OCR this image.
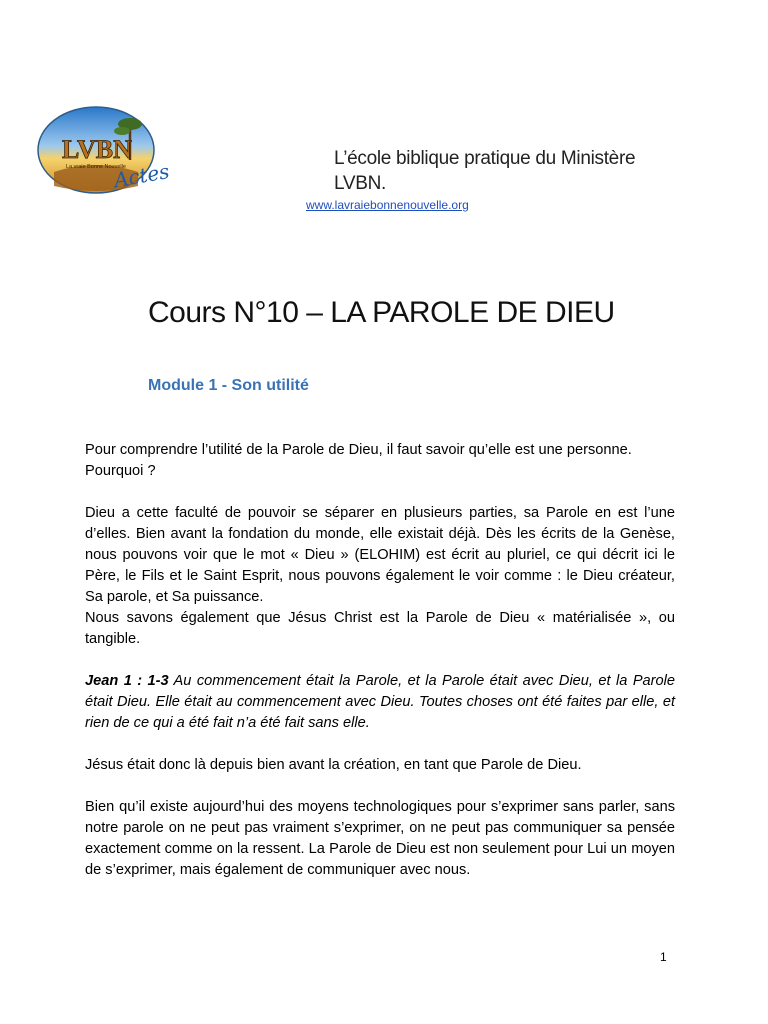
LVBN
La vraie Bonne Nouvelle
Actes
L’école biblique pratique du Ministère
LVBN.
www.lavraiebonnenouvelle.org
Cours N°10 – LA PAROLE DE DIEU
Module 1 - Son utilité

Pour comprendre l’utilité de la Parole de Dieu, il faut savoir qu’elle est une personne.

Pourquoi ?

Dieu a cette faculté de pouvoir se séparer en plusieurs parties, sa Parole en est l’une d’elles. Bien avant la fondation du monde, elle existait déjà. Dès les écrits de la Genèse, nous pouvons voir que le mot « Dieu » (ELOHIM) est écrit au pluriel, ce qui décrit ici le Père, le Fils et le Saint Esprit, nous pouvons également le voir comme : le Dieu créateur, Sa parole, et Sa puissance.

Nous savons également que Jésus Christ est la Parole de Dieu « matérialisée », ou tangible.

Jean 1 : 1-3 Au commencement était la Parole, et la Parole était avec Dieu, et la Parole était Dieu. Elle était au commencement avec Dieu. Toutes choses ont été faites par elle, et rien de ce qui a été fait n’a été fait sans elle.

Jésus était donc là depuis bien avant la création, en tant que Parole de Dieu.

Bien qu’il existe aujourd’hui des moyens technologiques pour s’exprimer sans parler, sans notre parole on ne peut pas vraiment s’exprimer, on ne peut pas communiquer sa pensée exactement comme on la ressent. La Parole de Dieu est non seulement pour Lui un moyen de s’exprimer, mais également de communiquer avec nous.

1
